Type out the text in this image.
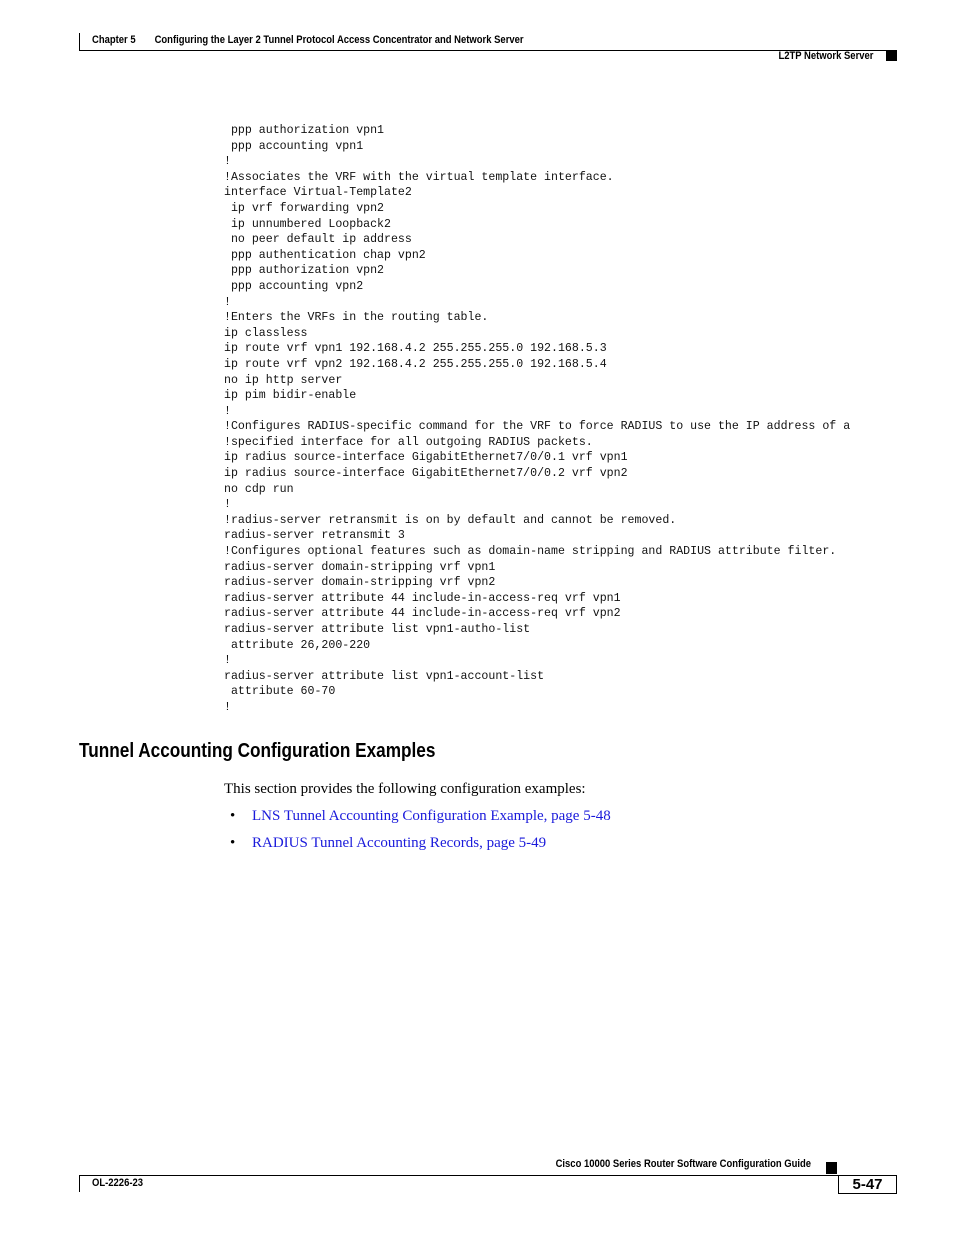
Chapter 5 Configuring the Layer 2 Tunnel Protocol Access Concentrator and Network Server
L2TP Network Server
ppp authorization vpn1
ppp accounting vpn1
!
!Associates the VRF with the virtual template interface.
interface Virtual-Template2
ip vrf forwarding vpn2
ip unnumbered Loopback2
no peer default ip address
ppp authentication chap vpn2
ppp authorization vpn2
ppp accounting vpn2
!
!Enters the VRFs in the routing table.
ip classless
ip route vrf vpn1 192.168.4.2 255.255.255.0 192.168.5.3
ip route vrf vpn2 192.168.4.2 255.255.255.0 192.168.5.4
no ip http server
ip pim bidir-enable
!
!Configures RADIUS-specific command for the VRF to force RADIUS to use the IP address of a
!specified interface for all outgoing RADIUS packets.
ip radius source-interface GigabitEthernet7/0/0.1 vrf vpn1
ip radius source-interface GigabitEthernet7/0/0.2 vrf vpn2
no cdp run
!
!radius-server retransmit is on by default and cannot be removed.
radius-server retransmit 3
!Configures optional features such as domain-name stripping and RADIUS attribute filter.
radius-server domain-stripping vrf vpn1
radius-server domain-stripping vrf vpn2
radius-server attribute 44 include-in-access-req vrf vpn1
radius-server attribute 44 include-in-access-req vrf vpn2
radius-server attribute list vpn1-autho-list
attribute 26,200-220
!
radius-server attribute list vpn1-account-list
attribute 60-70
!
Tunnel Accounting Configuration Examples

This section provides the following configuration examples:

• LNS Tunnel Accounting Configuration Example, page 5-48
• RADIUS Tunnel Accounting Records, page 5-49
Cisco 10000 Series Router Software Configuration Guide
OL-2226-23	5-47
